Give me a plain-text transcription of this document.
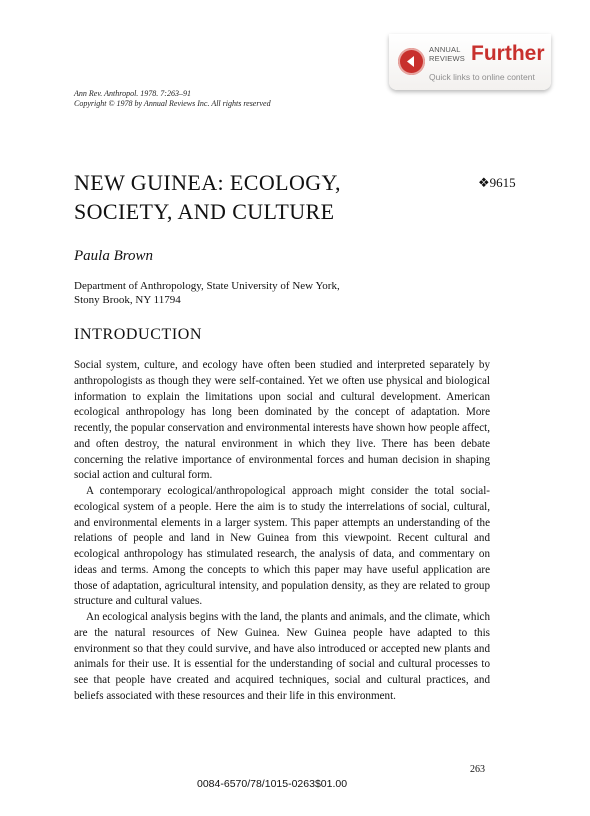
ANNUAL
REVIEWS Further
Quick links to online content
Ann Rev. Anthropol. 1978. 7:263–91
Copyright © 1978 by Annual Reviews Inc. All rights reserved
NEW GUINEA: ECOLOGY,
SOCIETY, AND CULTURE
❖9615
Paula Brown
Department of Anthropology, State University of New York,
Stony Brook, NY 11794
INTRODUCTION

Social system, culture, and ecology have often been studied and interpreted separately by anthropologists as though they were self-contained. Yet we often use physical and biological information to explain the limitations upon social and cultural development. American ecological anthropology has long been dominated by the concept of adaptation. More recently, the popular conservation and environmental interests have shown how people affect, and often destroy, the natural environment in which they live. There has been debate concerning the relative importance of environmental forces and human decision in shaping social action and cultural form.

A contemporary ecological/anthropological approach might consider the total social-ecological system of a people. Here the aim is to study the interrelations of social, cultural, and environmental elements in a larger system. This paper attempts an understanding of the relations of people and land in New Guinea from this viewpoint. Recent cultural and ecological anthropology has stimulated research, the analysis of data, and commentary on ideas and terms. Among the concepts to which this paper may have useful application are those of adaptation, agricultural intensity, and population density, as they are related to group structure and cultural values.

An ecological analysis begins with the land, the plants and animals, and the climate, which are the natural resources of New Guinea. New Guinea people have adapted to this environment so that they could survive, and have also introduced or accepted new plants and animals for their use. It is essential for the understanding of social and cultural processes to see that people have created and acquired techniques, social and cultural practices, and beliefs associated with these resources and their life in this environment.

263
0084-6570/78/1015-0263$01.00
